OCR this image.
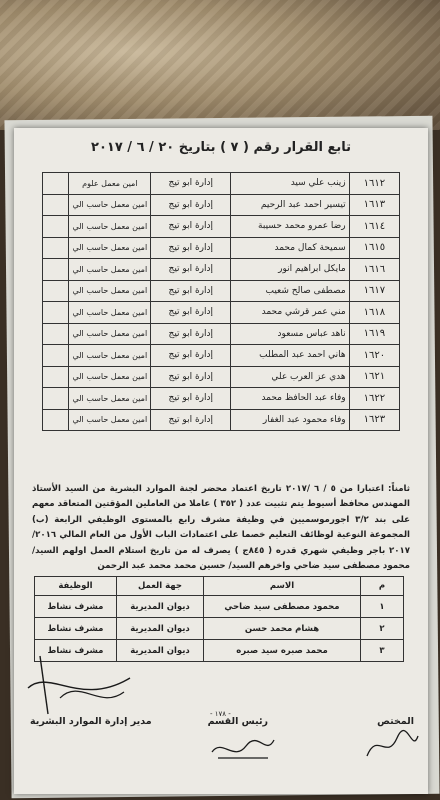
تابع القرار رقم ( ٧ ) بتاريخ ٢٠ / ٦ / ٢٠١٧
١٦١٢	زينب علي سيد	إدارة ابو تيج	امين معمل علوم	
١٦١٣	تيسير احمد عبد الرحيم	إدارة ابو تيج	امين معمل حاسب الي	
١٦١٤	رضا عمرو محمد حسيبة	إدارة ابو تيج	امين معمل حاسب الي	
١٦١٥	سميحة كمال محمد	إدارة ابو تيج	امين معمل حاسب الي	
١٦١٦	مايكل ابراهيم انور	إدارة ابو تيج	امين معمل حاسب الي	
١٦١٧	مصطفى صالح شعيب	إدارة ابو تيج	امين معمل حاسب الي	
١٦١٨	مني عمر قرشي محمد	إدارة ابو تيج	امين معمل حاسب الي	
١٦١٩	ناهد عباس مسعود	إدارة ابو تيج	امين معمل حاسب الي	
١٦٢٠	هاني احمد عبد المطلب	إدارة ابو تيج	امين معمل حاسب الي	
١٦٢١	هدي عز العرب علي	إدارة ابو تيج	امين معمل حاسب الي	
١٦٢٢	وفاء عبد الحافظ محمد	إدارة ابو تيج	امين معمل حاسب الي	
١٦٢٣	وفاء محمود عبد الغفار	إدارة ابو تيج	امين معمل حاسب الي	
ثامناً: اعتبارا من ٥ / ٦ /٢٠١٧ تاريخ اعتماد محضر لجنة الموارد البشرية من السيد الأستاذ المهندس محافظ أسيوط يتم تثبيت عدد ( ٣٥٢ ) عاملا من العاملين المؤقتين المتعاقد معهم على بند ٣/٢ اجورموسميين في وظيفة مشرف رابع بالمستوى الوظيفي الرابعة (ب) المجموعة النوعية لوظائف التعليم خصما على اعتمادات الباب الأول من العام المالي ٢٠١٦/ ٢٠١٧ باجر وظيفي شهري قدره ( ٨٤٥ج ) يصرف له من تاريخ استلام العمل اولهم السيد/ محمود مصطفى سيد ضاحي واخرهم السيد/ حسين محمد محمد عبد الرحمن
م	الاسم	جهة العمل	الوظيفة
١	محمود مصطفى سيد ضاحي	ديوان المديرية	مشرف نشاط
٢	هشام محمد حسن	ديوان المديرية	مشرف نشاط
٣	محمد صبره سيد صبره	ديوان المديرية	مشرف نشاط
المختص
رئيس القسم
مدير إدارة الموارد البشرية
- ١٧٨ -
